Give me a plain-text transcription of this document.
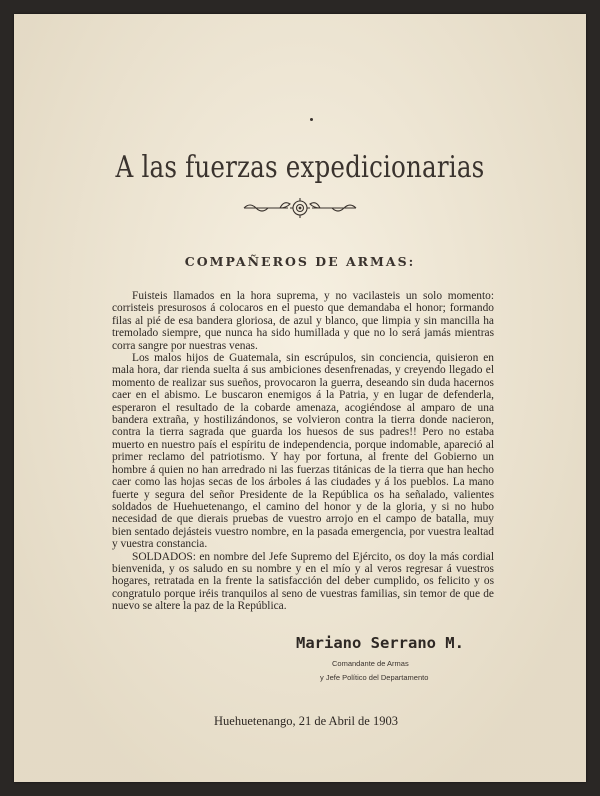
A las fuerzas expedicionarias
COMPAÑEROS DE ARMAS:

Fuisteis llamados en la hora suprema, y no vacilasteis un solo momento: corristeis presurosos á colocaros en el puesto que demandaba el honor; formando filas al pié de esa bandera gloriosa, de azul y blanco, que limpia y sin mancilla ha tremolado siempre, que nunca ha sido humillada y que no lo será jamás mientras corra sangre por nuestras venas.

Los malos hijos de Guatemala, sin escrúpulos, sin conciencia, quisieron en mala hora, dar rienda suelta á sus ambiciones desenfrenadas, y creyendo llegado el momento de realizar sus sueños, provocaron la guerra, deseando sin duda hacernos caer en el abismo. Le buscaron enemigos á la Patria, y en lugar de defenderla, esperaron el resultado de la cobarde amenaza, acogiéndose al amparo de una bandera extraña, y hostilizándonos, se volvieron contra la tierra donde nacieron, contra la tierra sagrada que guarda los huesos de sus padres!! Pero no estaba muerto en nuestro país el espíritu de independencia, porque indomable, apareció al primer reclamo del patriotismo. Y hay por fortuna, al frente del Gobierno un hombre á quien no han arredrado ni las fuerzas titánicas de la tierra que han hecho caer como las hojas secas de los árboles á las ciudades y á los pueblos. La mano fuerte y segura del señor Presidente de la República os ha señalado, valientes soldados de Huehuetenango, el camino del honor y de la gloria, y si no hubo necesidad de que dierais pruebas de vuestro arrojo en el campo de batalla, muy bien sentado dejásteis vuestro nombre, en la pasada emergencia, por vuestra lealtad y vuestra constancia.

SOLDADOS: en nombre del Jefe Supremo del Ejército, os doy la más cordial bienvenida, y os saludo en su nombre y en el mío y al veros regresar á vuestros hogares, retratada en la frente la satisfacción del deber cumplido, os felicito y os congratulo porque iréis tranquilos al seno de vuestras familias, sin temor de que de nuevo se altere la paz de la República.

Mariano Serrano M.
Comandante de Armas
y Jefe Político del Departamento
Huehuetenango, 21 de Abril de 1903
